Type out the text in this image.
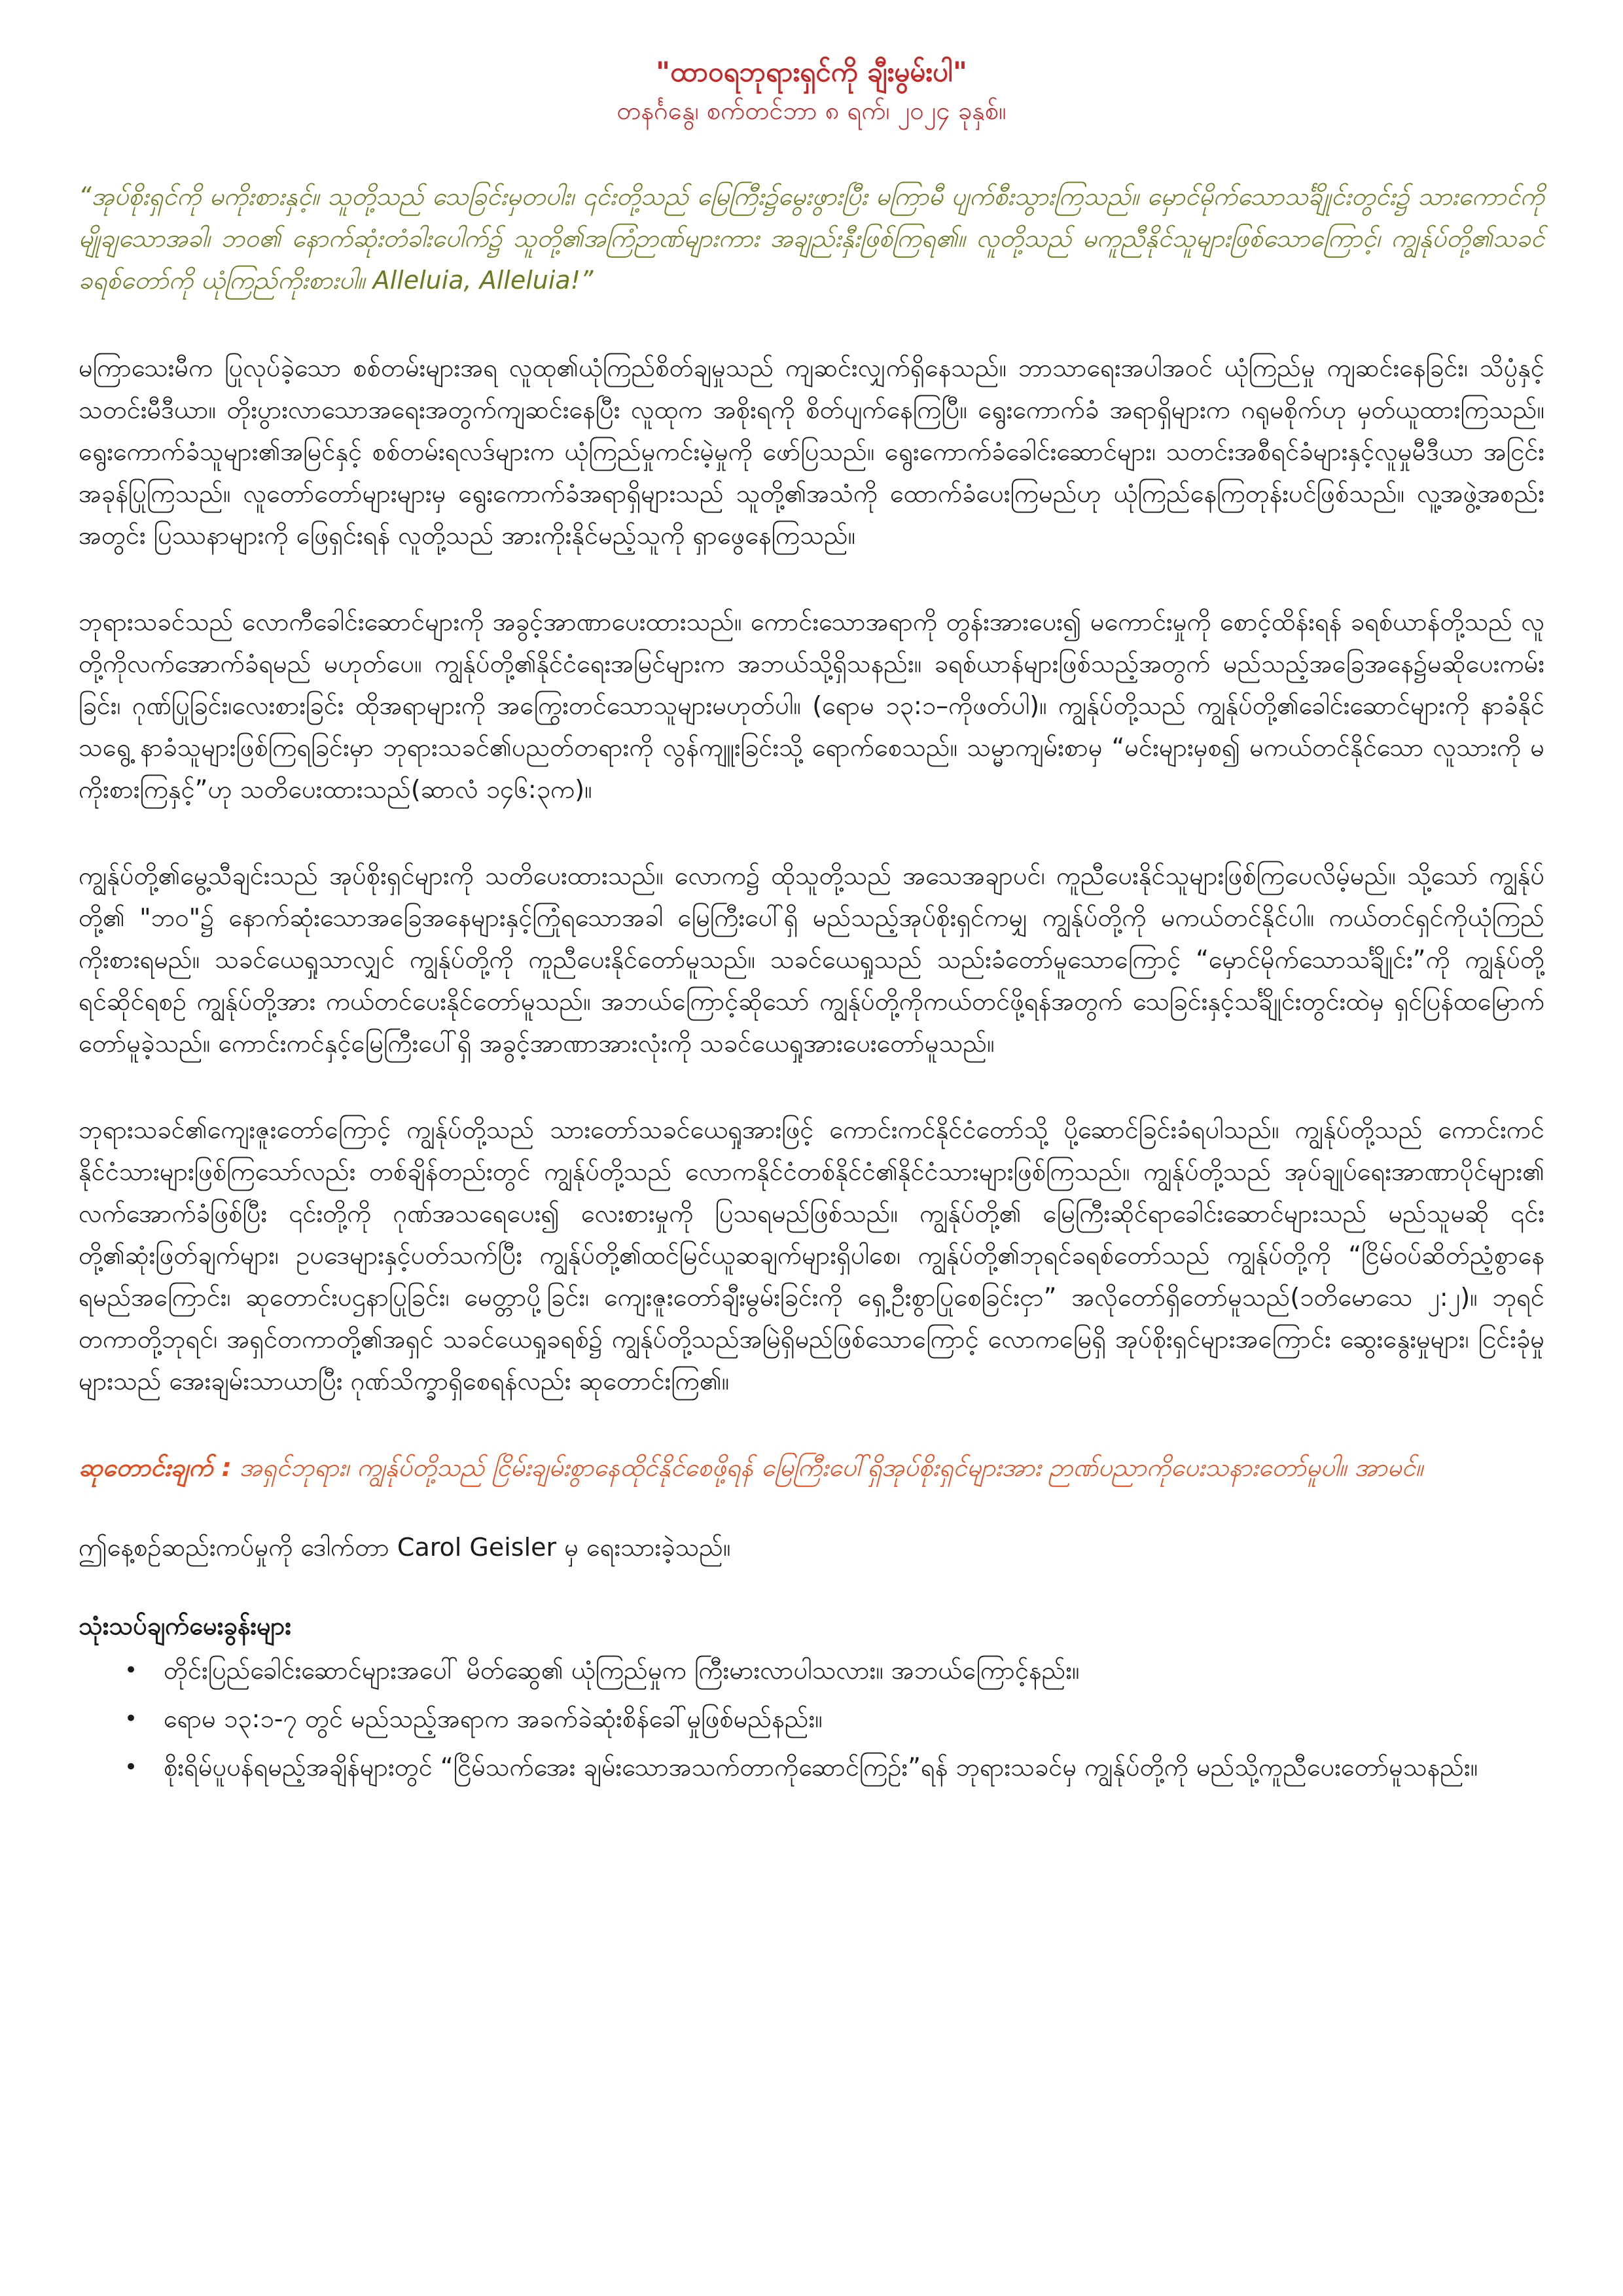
"ထာဝရဘုရားရှင်ကို ချီးမွမ်းပါ"

တနင်္ဂနွေ၊ စက်တင်ဘာ ၈ ရက်၊ ၂၀၂၄ ခုနှစ်။

“အုပ်စိုးရှင်ကို မကိုးစားနှင့်။ သူတို့သည် သေခြင်းမှတပါး၊ ၎င်းတို့သည် မြေကြီး၌မွေးဖွားပြီး မကြာမီ ပျက်စီးသွားကြသည်။ မှောင်မိုက်သောသင်္ချိုင်းတွင်း၌ သားကောင်ကို မျိုချသောအခါ၊ ဘဝ၏ နောက်ဆုံးတံခါးပေါက်၌ သူတို့၏အကြံဉာဏ်များကား အချည်းနှီးဖြစ်ကြရ၏။ လူတို့သည် မကူညီနိုင်သူများဖြစ်သောကြောင့်၊ ကျွန်ုပ်တို့၏သခင်ခရစ်တော်ကို ယုံကြည်ကိုးစားပါ။ Alleluia, Alleluia!”

မကြာသေးမီက ပြုလုပ်ခဲ့သော စစ်တမ်းများအရ လူထု၏ယုံကြည်စိတ်ချမှုသည် ကျဆင်းလျှက်ရှိနေသည်။ ဘာသာရေးအပါအဝင် ယုံကြည်မှု ကျဆင်းနေခြင်း၊ သိပ္ပံနှင့်သတင်းမီဒီယာ။ တိုးပွားလာသောအရေးအတွက်ကျဆင်းနေပြီး လူထုက အစိုးရကို စိတ်ပျက်နေကြပြီ။ ရွေးကောက်ခံ အရာရှိများက ဂရုမစိုက်ဟု မှတ်ယူထားကြသည်။ ရွေးကောက်ခံသူများ၏အမြင်နှင့် စစ်တမ်းရလဒ်များက ယုံကြည်မှုကင်းမဲ့မှုကို ဖော်ပြသည်။ ရွေးကောက်ခံခေါင်းဆောင်များ၊ သတင်းအစီရင်ခံများနှင့်လူမှုမီဒီယာ အငြင်းအခုန်ပြုကြသည်။ လူတော်တော်များများမှ ရွေးကောက်ခံအရာရှိများသည် သူတို့၏အသံကို ထောက်ခံပေးကြမည်ဟု ယုံကြည်နေကြတုန်းပင်ဖြစ်သည်။ လူ့အဖွဲ့အစည်းအတွင်း ပြဿနာများကို ဖြေရှင်းရန် လူတို့သည် အားကိုးနိုင်မည့်သူကို ရှာဖွေနေကြသည်။

ဘုရားသခင်သည် လောကီခေါင်းဆောင်များကို အခွင့်အာဏာပေးထားသည်။ ကောင်းသောအရာကို တွန်းအားပေး၍ မကောင်းမှုကို စောင့်ထိန်းရန် ခရစ်ယာန်တို့သည် လူတို့ကိုလက်အောက်ခံရမည် မဟုတ်ပေ။ ကျွန်ုပ်တို့၏နိုင်ငံရေးအမြင်များက အဘယ်သို့ရှိသနည်း။ ခရစ်ယာန်များဖြစ်သည့်အတွက် မည်သည့်အခြေအနေ၌မဆိုပေးကမ်းခြင်း၊ ဂုဏ်ပြုခြင်း၊လေးစားခြင်း ထိုအရာများကို အကြွေးတင်သောသူများမဟုတ်ပါ။ (ရောမ ၁၃:၁–ကိုဖတ်ပါ)။ ကျွန်ုပ်တို့သည် ကျွန်ုပ်တို့၏ခေါင်းဆောင်များကို နာခံနိုင်သရွေ့ နာခံသူများဖြစ်ကြရခြင်းမှာ ဘုရားသခင်၏ပညတ်တရားကို လွန်ကျူးခြင်းသို့ ရောက်စေသည်။ သမ္မာကျမ်းစာမှ “မင်းများမှစ၍ မကယ်တင်နိုင်သော လူသားကို မကိုးစားကြနှင့်”ဟု သတိပေးထားသည်(ဆာလံ ၁၄၆:၃က)။

ကျွန်ုပ်တို့၏မွေ့သီချင်းသည် အုပ်စိုးရှင်များကို သတိပေးထားသည်။ လောက၌ ထိုသူတို့သည် အသေအချာပင်၊ ကူညီပေးနိုင်သူများဖြစ်ကြပေလိမ့်မည်။ သို့သော် ကျွန်ုပ်တို့၏ "ဘဝ"၌ နောက်ဆုံးသောအခြေအနေများနှင့်ကြုံရသောအခါ မြေကြီးပေါ်ရှိ မည်သည့်အုပ်စိုးရှင်ကမျှ ကျွန်ုပ်တို့ကို မကယ်တင်နိုင်ပါ။ ကယ်တင်ရှင်ကိုယုံကြည်ကိုးစားရမည်။ သခင်ယေရှုသာလျှင် ကျွန်ုပ်တို့ကို ကူညီပေးနိုင်တော်မူသည်။ သခင်ယေရှုသည် သည်းခံတော်မူသောကြောင့် “မှောင်မိုက်သောသင်္ချိုင်း”ကို ကျွန်ုပ်တို့ရင်ဆိုင်ရစဉ် ကျွန်ုပ်တို့အား ကယ်တင်ပေးနိုင်တော်မူသည်။ အဘယ်ကြောင့်ဆိုသော် ကျွန်ုပ်တို့ကိုကယ်တင်ဖို့ရန်အတွက် သေခြင်းနှင့်သင်္ချိုင်းတွင်းထဲမှ ရှင်ပြန်ထမြောက်တော်မူခဲ့သည်။ ကောင်းကင်နှင့်မြေကြီးပေါ်ရှိ အခွင့်အာဏာအားလုံးကို သခင်ယေရှုအားပေးတော်မူသည်။

ဘုရားသခင်၏ကျေးဇူးတော်ကြောင့် ကျွန်ုပ်တို့သည် သားတော်သခင်ယေရှုအားဖြင့် ကောင်းကင်နိုင်ငံတော်သို့ ပို့ဆောင်ခြင်းခံရပါသည်။ ကျွန်ုပ်တို့သည် ကောင်းကင်နိုင်ငံသားများဖြစ်ကြသော်လည်း တစ်ချိန်တည်းတွင် ကျွန်ုပ်တို့သည် လောကနိုင်ငံတစ်နိုင်ငံ၏နိုင်ငံသားများဖြစ်ကြသည်။ ကျွန်ုပ်တို့သည် အုပ်ချုပ်ရေးအာဏာပိုင်များ၏ လက်အောက်ခံဖြစ်ပြီး ၎င်းတို့ကို ဂုဏ်အသရေပေး၍ လေးစားမှုကို ပြသရမည်ဖြစ်သည်။ ကျွန်ုပ်တို့၏ မြေကြီးဆိုင်ရာခေါင်းဆောင်များသည် မည်သူမဆို ၎င်းတို့၏ဆုံးဖြတ်ချက်များ၊ ဥပဒေများနှင့်ပတ်သက်ပြီး ကျွန်ုပ်တို့၏ထင်မြင်ယူဆချက်များရှိပါစေ၊ ကျွန်ုပ်တို့၏ဘုရင်ခရစ်တော်သည် ကျွန်ုပ်တို့ကို “ငြိမ်ဝပ်ဆိတ်ညံ့စွာနေရမည်အကြောင်း၊ ဆုတောင်းပဌနာပြုခြင်း၊ မေတ္တာပို့ခြင်း၊ ကျေးဇူးတော်ချီးမွမ်းခြင်းကို ရှေ့ဦးစွာပြုစေခြင်းငှာ” အလိုတော်ရှိတော်မူသည်(၁တိမောသေ ၂:၂)။ ဘုရင်တကာတို့ဘုရင်၊ အရှင်တကာတို့၏အရှင် သခင်ယေရှုခရစ်၌ ကျွန်ုပ်တို့သည်အမြဲရှိမည်ဖြစ်သောကြောင့် လောကမြေရှိ အုပ်စိုးရှင်များအကြောင်း ဆွေးနွေးမှုများ၊ ငြင်းခုံမှုများသည် အေးချမ်းသာယာပြီး ဂုဏ်သိက္ခာရှိစေရန်လည်း ဆုတောင်းကြ၏။

ဆုတောင်းချက် : အရှင်ဘုရား၊ ကျွန်ုပ်တို့သည် ငြိမ်းချမ်းစွာနေထိုင်နိုင်စေဖို့ရန် မြေကြီးပေါ်ရှိအုပ်စိုးရှင်များအား ဉာဏ်ပညာကိုပေးသနားတော်မူပါ။ အာမင်။

ဤနေ့စဉ်ဆည်းကပ်မှုကို ဒေါက်တာ Carol Geisler မှ ရေးသားခဲ့သည်။

သုံးသပ်ချက်မေးခွန်းများ

• တိုင်းပြည်ခေါင်းဆောင်များအပေါ် မိတ်ဆွေ၏ ယုံကြည်မှုက ကြီးမားလာပါသလား။ အဘယ်ကြောင့်နည်း။
• ရောမ ၁၃:၁-၇ တွင် မည်သည့်အရာက အခက်ခဲဆုံးစိန်ခေါ်မှုဖြစ်မည်နည်း။
• စိုးရိမ်ပူပန်ရမည့်အချိန်များတွင် “ငြိမ်သက်အေး ချမ်းသောအသက်တာကိုဆောင်ကြဉ်း”ရန် ဘုရားသခင်မှ ကျွန်ုပ်တို့ကို မည်သို့ကူညီပေးတော်မူသနည်း။
